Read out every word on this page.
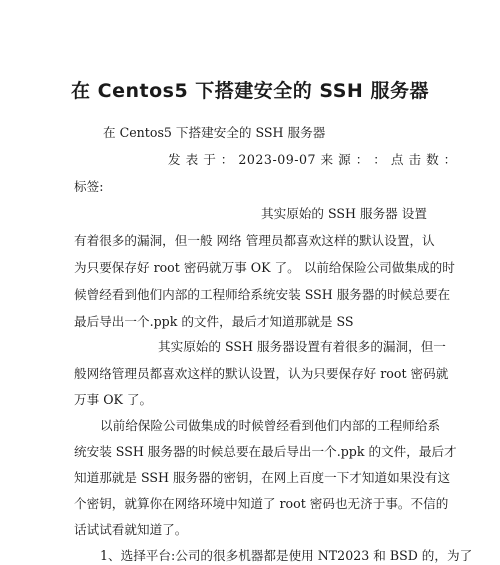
在 Centos5 下搭建安全的 SSH 服务器
在 Centos5 下搭建安全的 SSH 服务器
发 表 于 ： 2023-09-07 来 源 ： ： 点 击 数 ：
标签:
其实原始的 SSH 服务器 设置
有着很多的漏洞，但一般 网络 管理员都喜欢这样的默认设置，认
为只要保存好 root 密码就万事 OK 了。 以前给保险公司做集成的时
候曾经看到他们内部的工程师给系统安装 SSH 服务器的时候总要在
最后导出一个.ppk 的文件，最后才知道那就是 SS
其实原始的 SSH 服务器设置有着很多的漏洞，但一
般网络管理员都喜欢这样的默认设置，认为只要保存好 root 密码就
万事 OK 了。
以前给保险公司做集成的时候曾经看到他们内部的工程师给系
统安装 SSH 服务器的时候总要在最后导出一个.ppk 的文件，最后才
知道那就是 SSH 服务器的密钥，在网上百度一下才知道如果没有这
个密钥，就算你在网络环境中知道了 root 密码也无济于事。不信的
话试试看就知道了。
1、选择平台:公司的很多机器都是使用 NT2023 和 BSD 的，为了
